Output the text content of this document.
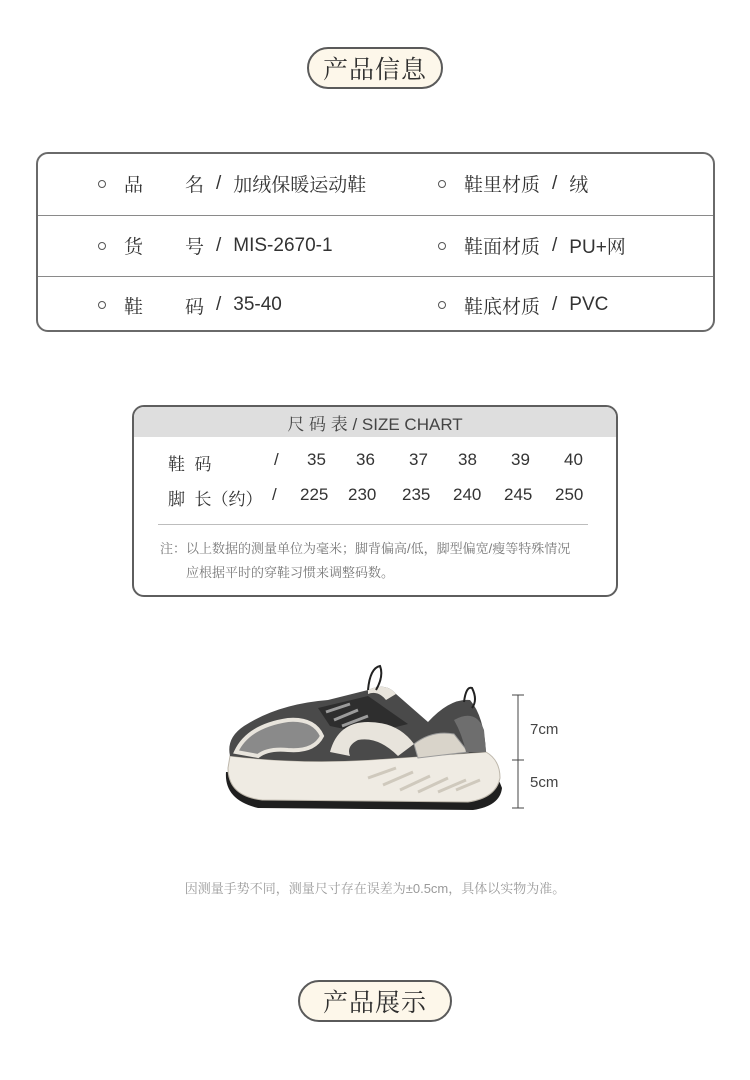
产品信息
品名 / 加绒保暖运动鞋	鞋里材质 / 绒
货号 / MIS-2670-1	鞋面材质 / PU+网
鞋码 / 35-40	鞋底材质 / PVC
尺 码 表 / SIZE CHART
鞋  码	/ 35 36 37 38 39 40
脚  长（约） / 225 230 235 240 245 250
注：以上数据的测量单位为毫米；脚背偏高/低，脚型偏宽/瘦等特殊情况
应根据平时的穿鞋习惯来调整码数。
7cm
5cm
因测量手势不同，测量尺寸存在误差为±0.5cm，具体以实物为准。
产品展示
